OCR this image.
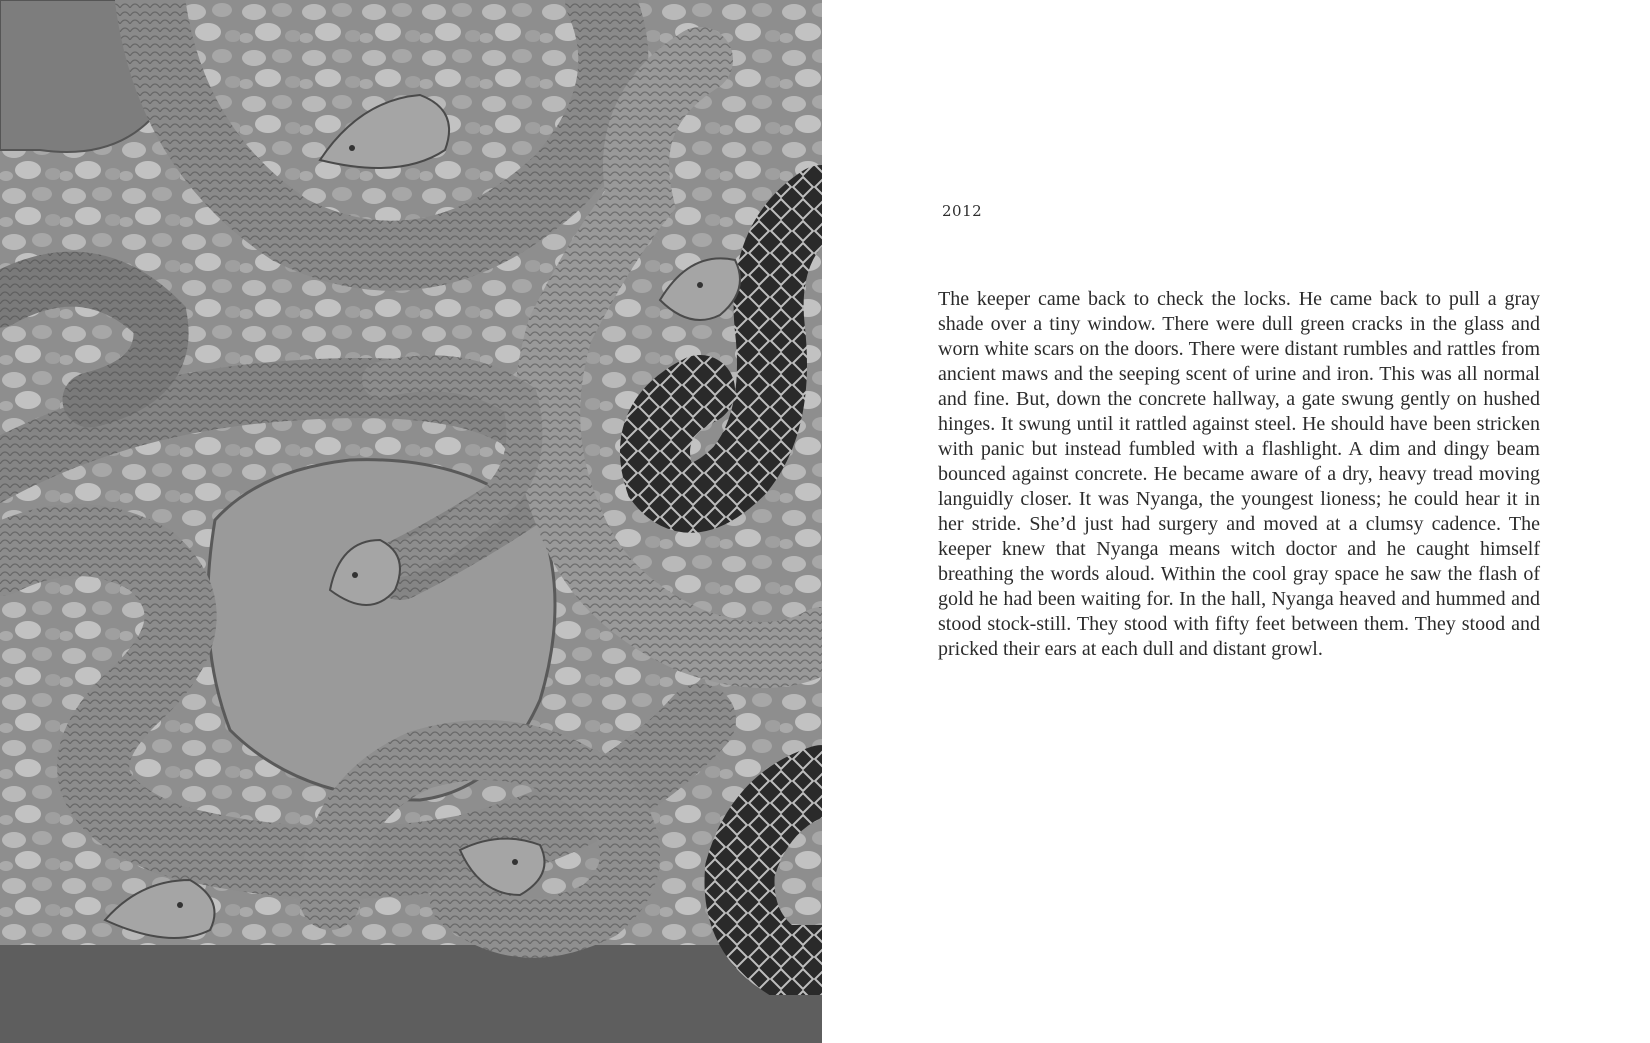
2012

The keeper came back to check the locks. He came back to pull a gray shade over a tiny window. There were dull green cracks in the glass and worn white scars on the doors. There were distant rumbles and rattles from ancient maws and the seeping scent of urine and iron. This was all normal and fine. But, down the concrete hallway, a gate swung gently on hushed hinges. It swung until it rattled against steel. He should have been stricken with panic but instead fumbled with a flashlight. A dim and dingy beam bounced against concrete. He became aware of a dry, heavy tread moving languidly closer. It was Nyanga, the youngest lioness; he could hear it in her stride. She’d just had surgery and moved at a clumsy cadence. The keeper knew that Nyanga means witch doctor and he caught himself breathing the words aloud. Within the cool gray space he saw the flash of gold he had been waiting for. In the hall, Nyanga heaved and hummed and stood stock-still. They stood with fifty feet between them. They stood and pricked their ears at each dull and distant growl.
